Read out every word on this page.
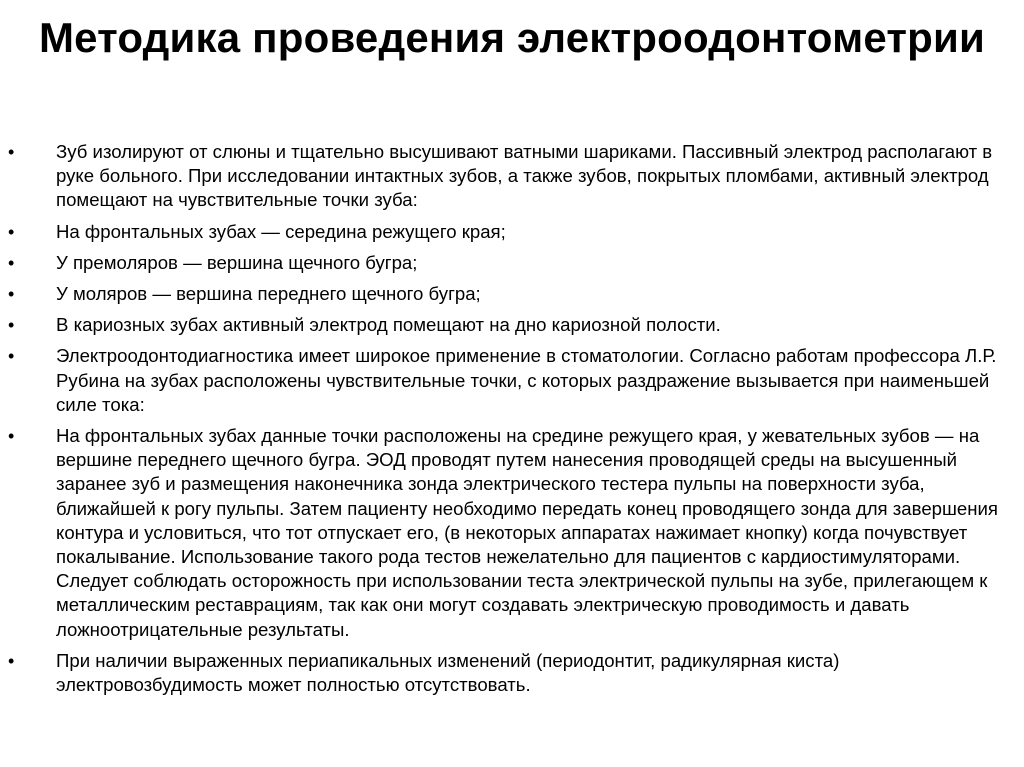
Методика проведения электроодонтометрии
•	Зуб изолируют от слюны и тщательно высушивают ватными шариками. Пассивный электрод располагают в руке больного. При исследовании интактных зубов, а также зубов, покрытых пломбами, активный электрод помещают на чувствительные точки зуба:
•	На фронтальных зубах — середина режущего края;
•	У премоляров — вершина щечного бугра;
•	У моляров — вершина переднего щечного бугра;
•	В кариозных зубах активный электрод помещают на дно кариозной полости.
•	Электроодонтодиагностика имеет широкое применение в стоматологии. Согласно работам профессора Л.Р. Рубина на зубах расположены чувствительные точки, с которых раздражение вызывается при наименьшей силе тока:
•	На фронтальных зубах данные точки расположены на средине режущего края, у жевательных зубов — на вершине переднего щечного бугра. ЭОД проводят путем нанесения проводящей среды на высушенный заранее зуб и размещения наконечника зонда электрического тестера пульпы на поверхности зуба, ближайшей к рогу пульпы. Затем пациенту необходимо передать конец проводящего зонда для завершения контура и условиться, что тот отпускает его, (в некоторых аппаратах нажимает кнопку) когда почувствует покалывание. Использование такого рода тестов нежелательно для пациентов с кардиостимуляторами. Следует соблюдать осторожность при использовании теста электрической пульпы на зубе, прилегающем к металлическим реставрациям, так как они могут создавать электрическую проводимость и давать ложноотрицательные результаты.
•	При наличии выраженных периапикальных изменений (периодонтит, радикулярная киста) электровозбудимость может полностью отсутствовать.
